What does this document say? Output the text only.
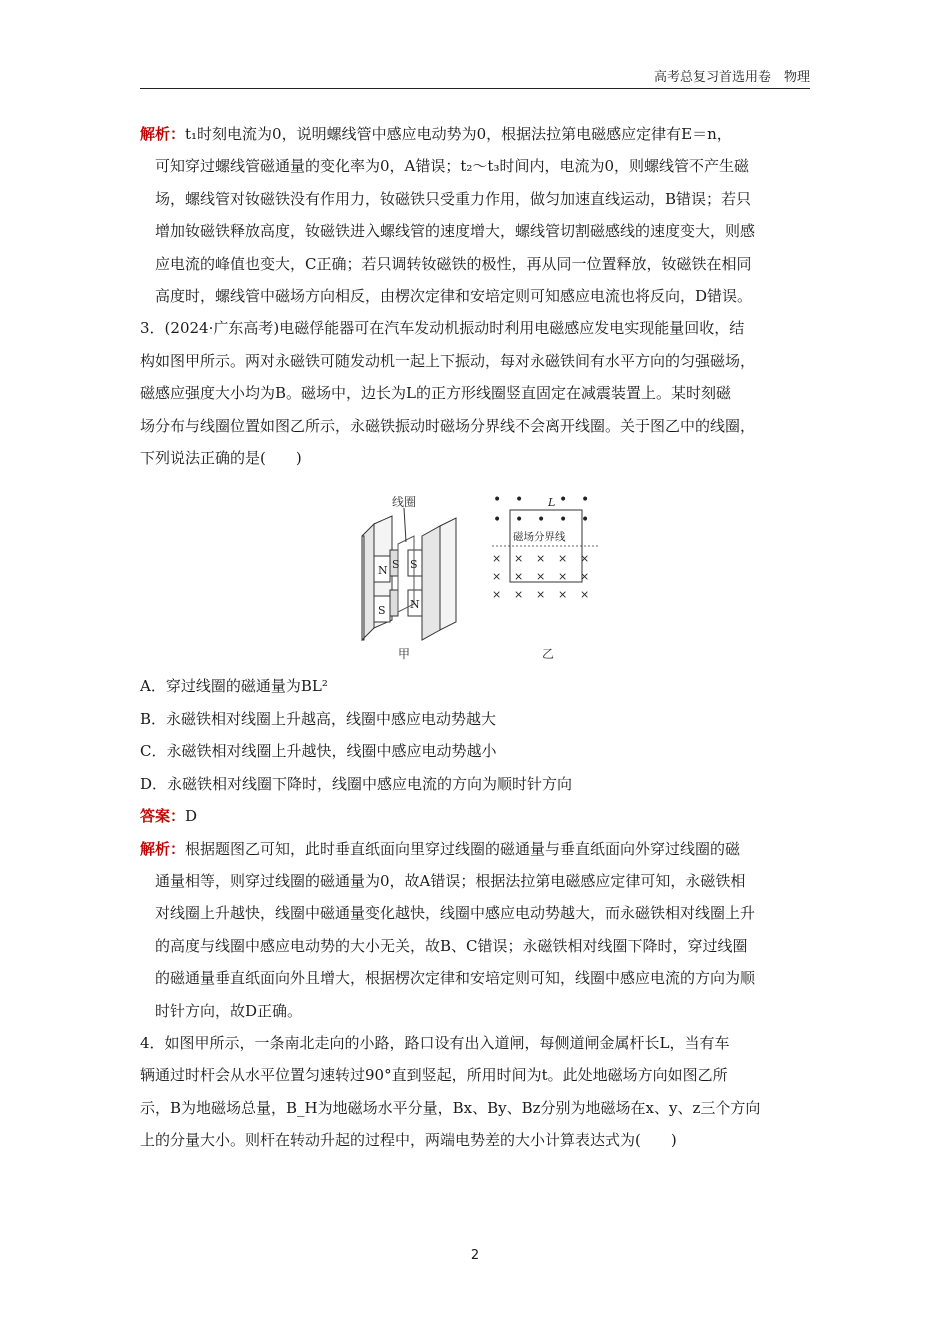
高考总复习首选用卷　物理

解析：t₁时刻电流为0，说明螺线管中感应电动势为0，根据法拉第电磁感应定律有E＝n，

可知穿过螺线管磁通量的变化率为0，A错误；t₂～t₃时间内，电流为0，则螺线管不产生磁

场，螺线管对钕磁铁没有作用力，钕磁铁只受重力作用，做匀加速直线运动，B错误；若只

增加钕磁铁释放高度，钕磁铁进入螺线管的速度增大，螺线管切割磁感线的速度变大，则感

应电流的峰值也变大，C正确；若只调转钕磁铁的极性，再从同一位置释放，钕磁铁在相同

高度时，螺线管中磁场方向相反，由楞次定律和安培定则可知感应电流也将反向，D错误。

3．(2024·广东高考)电磁俘能器可在汽车发动机振动时利用电磁感应发电实现能量回收，结

构如图甲所示。两对永磁铁可随发动机一起上下振动，每对永磁铁间有水平方向的匀强磁场，

磁感应强度大小均为B。磁场中，边长为L的正方形线圈竖直固定在减震装置上。某时刻磁

场分布与线圈位置如图乙所示，永磁铁振动时磁场分界线不会离开线圈。关于图乙中的线圈，

下列说法正确的是(　　)

线圈
N S
S
S
N
甲
• •	• •
• • • • •
× × × × ×
× × × × ×
× × × × ×
L
磁场分界线
乙

A．穿过线圈的磁通量为BL²

B．永磁铁相对线圈上升越高，线圈中感应电动势越大

C．永磁铁相对线圈上升越快，线圈中感应电动势越小

D．永磁铁相对线圈下降时，线圈中感应电流的方向为顺时针方向

答案：D

解析：根据题图乙可知，此时垂直纸面向里穿过线圈的磁通量与垂直纸面向外穿过线圈的磁

通量相等，则穿过线圈的磁通量为0，故A错误；根据法拉第电磁感应定律可知，永磁铁相

对线圈上升越快，线圈中磁通量变化越快，线圈中感应电动势越大，而永磁铁相对线圈上升

的高度与线圈中感应电动势的大小无关，故B、C错误；永磁铁相对线圈下降时，穿过线圈

的磁通量垂直纸面向外且增大，根据楞次定律和安培定则可知，线圈中感应电流的方向为顺

时针方向，故D正确。

4．如图甲所示，一条南北走向的小路，路口设有出入道闸，每侧道闸金属杆长L，当有车

辆通过时杆会从水平位置匀速转过90°直到竖起，所用时间为t。此处地磁场方向如图乙所

示，B为地磁场总量，B_H为地磁场水平分量，Bx、By、Bz分别为地磁场在x、y、z三个方向

上的分量大小。则杆在转动升起的过程中，两端电势差的大小计算表达式为(　　)

2
